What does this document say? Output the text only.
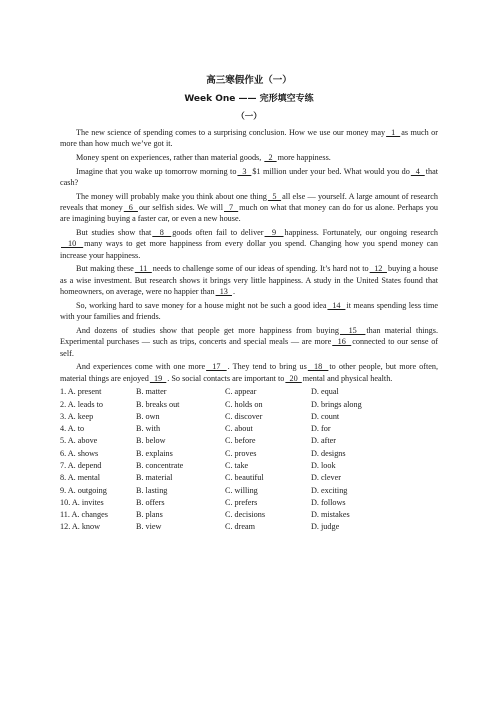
高三寒假作业（一）
Week One —— 完形填空专练
（一）

The new science of spending comes to a surprising conclusion. How we use our money may  1  as much or more than how much we’ve got it.

Money spent on experiences, rather than material goods,   2  more happiness.

Imagine that you wake up tomorrow morning to  3  $1 million under your bed. What would you do  4  that cash?

The money will probably make you think about one thing  5  all else — yourself. A large amount of research reveals that money  6  our selfish sides. We will  7  much on what that money can do for us alone. Perhaps you are imagining buying a faster car, or even a new house.

But studies show that  8  goods often fail to deliver  9  happiness. Fortunately, our ongoing research  10  many ways to get more happiness from every dollar you spend. Changing how you spend money can increase your happiness.

But making these  11  needs to challenge some of our ideas of spending. It’s hard not to  12  buying a house as a wise investment. But research shows it brings very little happiness. A study in the United States found that homeowners, on average, were no happier than  13  .

So, working hard to save money for a house might not be such a good idea  14  it means spending less time with your families and friends.

And dozens of studies show that people get more happiness from buying  15  than material things. Experimental purchases — such as trips, concerts and special meals — are more  16  connected to our sense of self.

And experiences come with one more  17  . They tend to bring us  18  to other people, but more often, material things are enjoyed  19  . So social contacts are important to  20  mental and physical health.

1. A. present	B. matter	C. appear	D. equal
2. A. leads to	B. breaks out	C. holds on	D. brings along
3. A. keep	B. own	C. discover	D. count
4. A. to	B. with	C. about	D. for
5. A. above	B. below	C. before	D. after
6. A. shows	B. explains	C. proves	D. designs
7. A. depend	B. concentrate	C. take	D. look
8. A. mental	B. material	C. beautiful	D. clever
9. A. outgoing	B. lasting	C. willing	D. exciting
10. A. invites	B. offers	C. prefers	D. follows
11. A. changes	B. plans	C. decisions	D. mistakes
12. A. know	B. view	C. dream	D. judge
